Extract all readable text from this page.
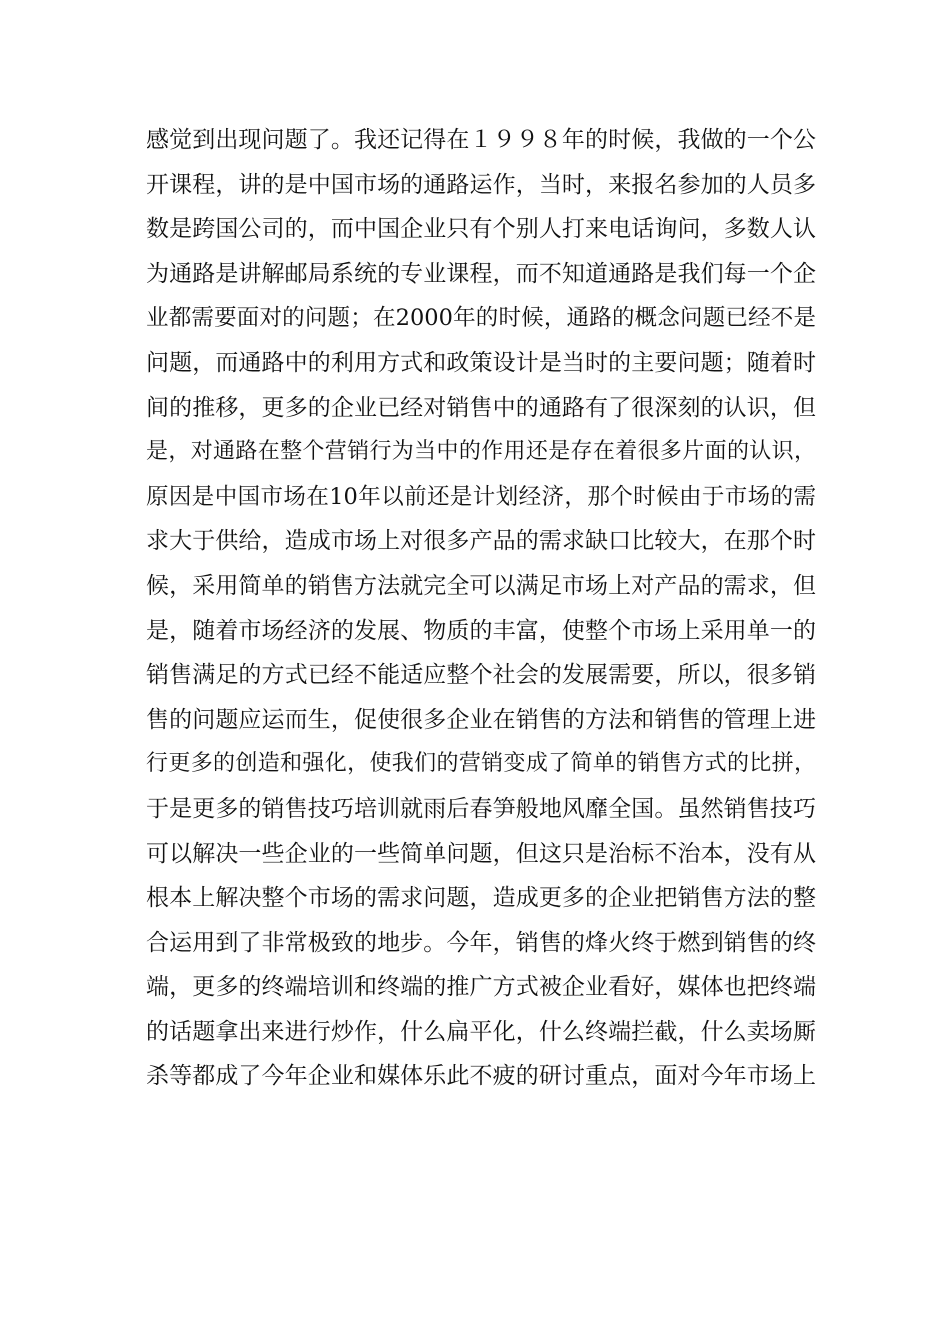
感觉到出现问题了。我还记得在１９９８年的时候，我做的一个公
开课程，讲的是中国市场的通路运作，当时，来报名参加的人员多
数是跨国公司的，而中国企业只有个别人打来电话询问，多数人认
为通路是讲解邮局系统的专业课程，而不知道通路是我们每一个企
业都需要面对的问题；在2000年的时候，通路的概念问题已经不是
问题，而通路中的利用方式和政策设计是当时的主要问题；随着时
间的推移，更多的企业已经对销售中的通路有了很深刻的认识，但
是，对通路在整个营销行为当中的作用还是存在着很多片面的认识，
原因是中国市场在10年以前还是计划经济，那个时候由于市场的需
求大于供给，造成市场上对很多产品的需求缺口比较大，在那个时
候，采用简单的销售方法就完全可以满足市场上对产品的需求，但
是，随着市场经济的发展、物质的丰富，使整个市场上采用单一的
销售满足的方式已经不能适应整个社会的发展需要，所以，很多销
售的问题应运而生，促使很多企业在销售的方法和销售的管理上进
行更多的创造和强化，使我们的营销变成了简单的销售方式的比拼，
于是更多的销售技巧培训就雨后春笋般地风靡全国。虽然销售技巧
可以解决一些企业的一些简单问题，但这只是治标不治本，没有从
根本上解决整个市场的需求问题，造成更多的企业把销售方法的整
合运用到了非常极致的地步。今年，销售的烽火终于燃到销售的终
端，更多的终端培训和终端的推广方式被企业看好，媒体也把终端
的话题拿出来进行炒作，什么扁平化，什么终端拦截，什么卖场厮
杀等都成了今年企业和媒体乐此不疲的研讨重点，面对今年市场上
